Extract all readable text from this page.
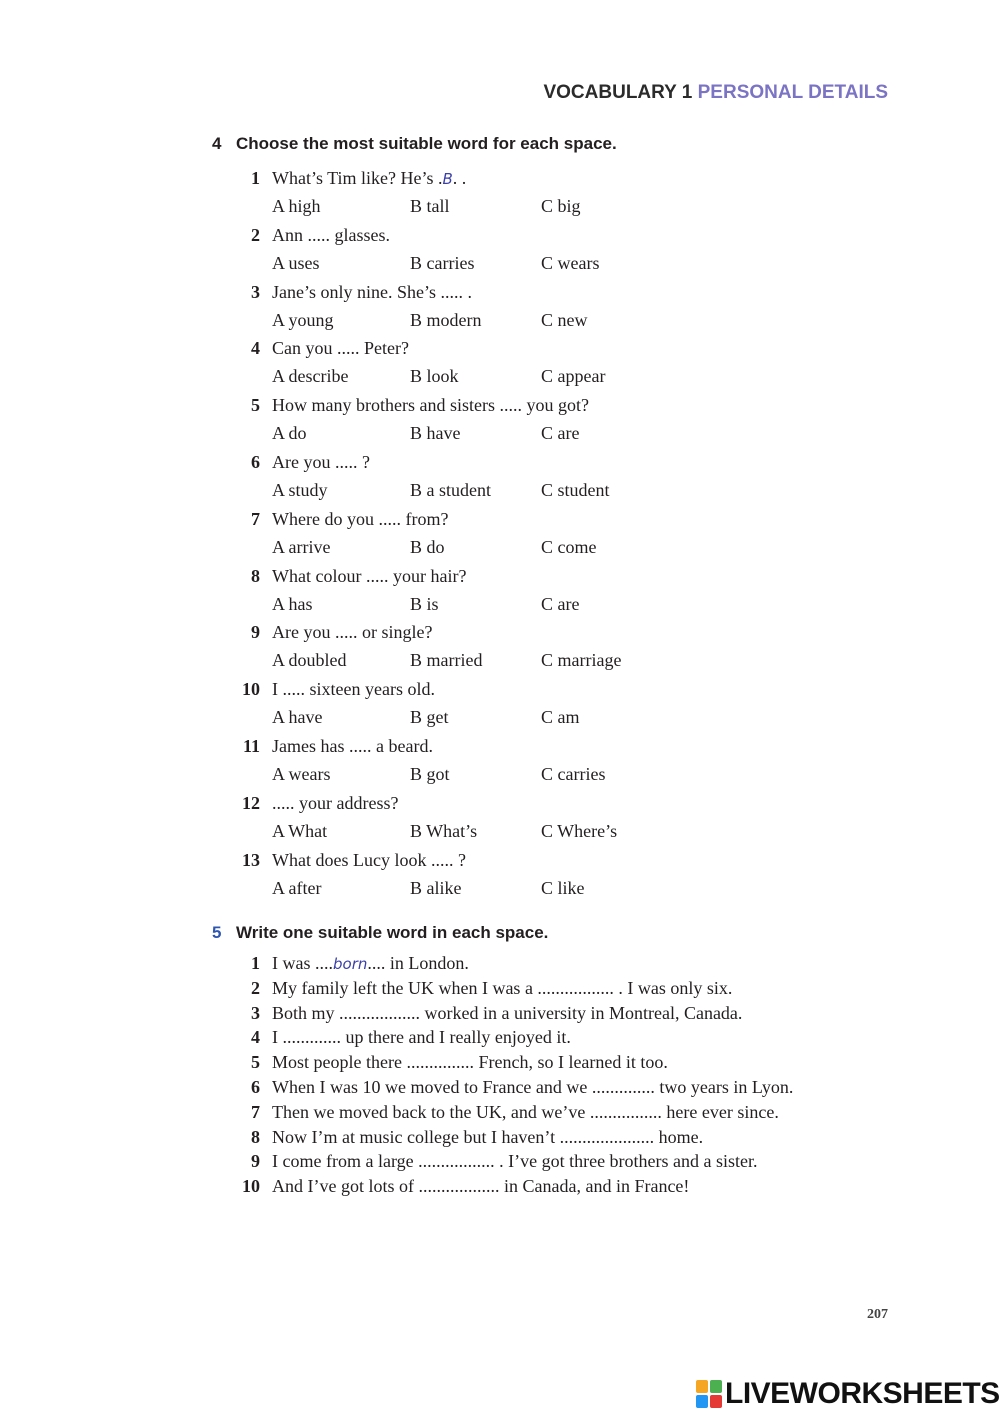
VOCABULARY 1 PERSONAL DETAILS
4 Choose the most suitable word for each space.
1 What’s Tim like? He’s .B. .
A high	B tall	C big
2 Ann ..... glasses.
A uses	B carries	C wears
3 Jane’s only nine. She’s ..... .
A young	B modern	C new
4 Can you ..... Peter?
A describe	B look	C appear
5 How many brothers and sisters ..... you got?
A do	B have	C are
6 Are you ..... ?
A study	B a student	C student
7 Where do you ..... from?
A arrive	B do	C come
8 What colour ..... your hair?
A has	B is	C are
9 Are you ..... or single?
A doubled	B married	C marriage
10 I ..... sixteen years old.
A have	B get	C am
11 James has ..... a beard.
A wears	B got	C carries
12 ..... your address?
A What	B What’s	C Where’s
13 What does Lucy look ..... ?
A after	B alike	C like
5 Write one suitable word in each space.
1 I was ....born.... in London.
2 My family left the UK when I was a ................. . I was only six.
3 Both my .................. worked in a university in Montreal, Canada.
4 I ............. up there and I really enjoyed it.
5 Most people there ............... French, so I learned it too.
6 When I was 10 we moved to France and we .............. two years in Lyon.
7 Then we moved back to the UK, and we’ve ................ here ever since.
8 Now I’m at music college but I haven’t ..................... home.
9 I come from a large ................. . I’ve got three brothers and a sister.
10 And I’ve got lots of .................. in Canada, and in France!
207
LIVEWORKSHEETS
